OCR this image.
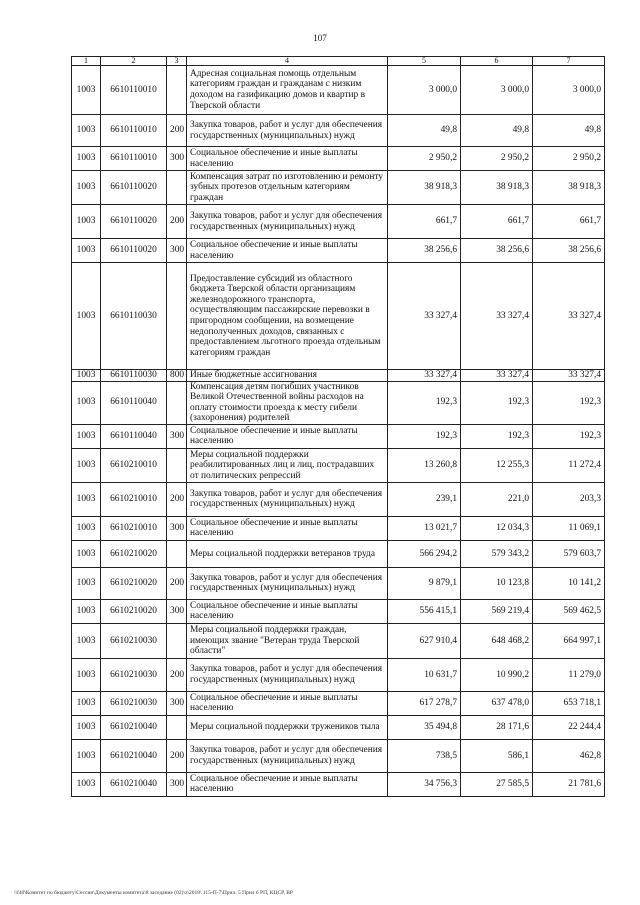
107
1	2	3	4	5	6	7
1003	6610110010		Адресная социальная помощь отдельным категориям граждан и гражданам с низким доходом на газификацию домов и квартир в Тверской области	3 000,0	3 000,0	3 000,0
1003	6610110010	200	Закупка товаров, работ и услуг для обеспечения государственных (муниципальных) нужд	49,8	49,8	49,8
1003	6610110010	300	Социальное обеспечение и иные выплаты населению	2 950,2	2 950,2	2 950,2
1003	6610110020		Компенсация затрат по изготовлению и ремонту зубных протезов отдельным категориям граждан	38 918,3	38 918,3	38 918,3
1003	6610110020	200	Закупка товаров, работ и услуг для обеспечения государственных (муниципальных) нужд	661,7	661,7	661,7
1003	6610110020	300	Социальное обеспечение и иные выплаты населению	38 256,6	38 256,6	38 256,6
1003	6610110030		Предоставление субсидий из областного бюджета Тверской области организациям железнодорожного транспорта, осуществляющим пассажирские перевозки в пригородном сообщении, на возмещение недополученных доходов, связанных с предоставлением льготного проезда отдельным категориям граждан	33 327,4	33 327,4	33 327,4
1003	6610110030	800	Иные бюджетные ассигнования	33 327,4	33 327,4	33 327,4
1003	6610110040		Компенсация детям погибших участников Великой Отечественной войны расходов на оплату стоимости проезда к месту гибели (захоронения) родителей	192,3	192,3	192,3
1003	6610110040	300	Социальное обеспечение и иные выплаты населению	192,3	192,3	192,3
1003	6610210010		Меры социальной поддержки реабилитированных лиц и лиц, пострадавших от политических репрессий	13 260,8	12 255,3	11 272,4
1003	6610210010	200	Закупка товаров, работ и услуг для обеспечения государственных (муниципальных) нужд	239,1	221,0	203,3
1003	6610210010	300	Социальное обеспечение и иные выплаты населению	13 021,7	12 034,3	11 069,1
1003	6610210020		Меры социальной поддержки ветеранов труда	566 294,2	579 343,2	579 603,7
1003	6610210020	200	Закупка товаров, работ и услуг для обеспечения государственных (муниципальных) нужд	9 879,1	10 123,8	10 141,2
1003	6610210020	300	Социальное обеспечение и иные выплаты населению	556 415,1	569 219,4	569 462,5
1003	6610210030		Меры социальной поддержки граждан, имеющих звание "Ветеран труда Тверской области"	627 910,4	648 468,2	664 997,1
1003	6610210030	200	Закупка товаров, работ и услуг для обеспечения государственных (муниципальных) нужд	10 631,7	10 990,2	11 279,0
1003	6610210030	300	Социальное обеспечение и иные выплаты населению	617 278,7	637 478,0	653 718,1
1003	6610210040		Меры социальной поддержки тружеников тыла	35 494,8	28 171,6	22 244,4
1003	6610210040	200	Закупка товаров, работ и услуг для обеспечения государственных (муниципальных) нужд	738,5	586,1	462,8
1003	6610210040	300	Социальное обеспечение и иные выплаты населению	34 756,3	27 585,5	21 781,6
\\f40\Комитет по бюджету\Сессии\Документы комитета\8 заседание (02)\z\2018\ 115-П-7\Прил. 5 Прил 6 РП, КЦСР, ВР
